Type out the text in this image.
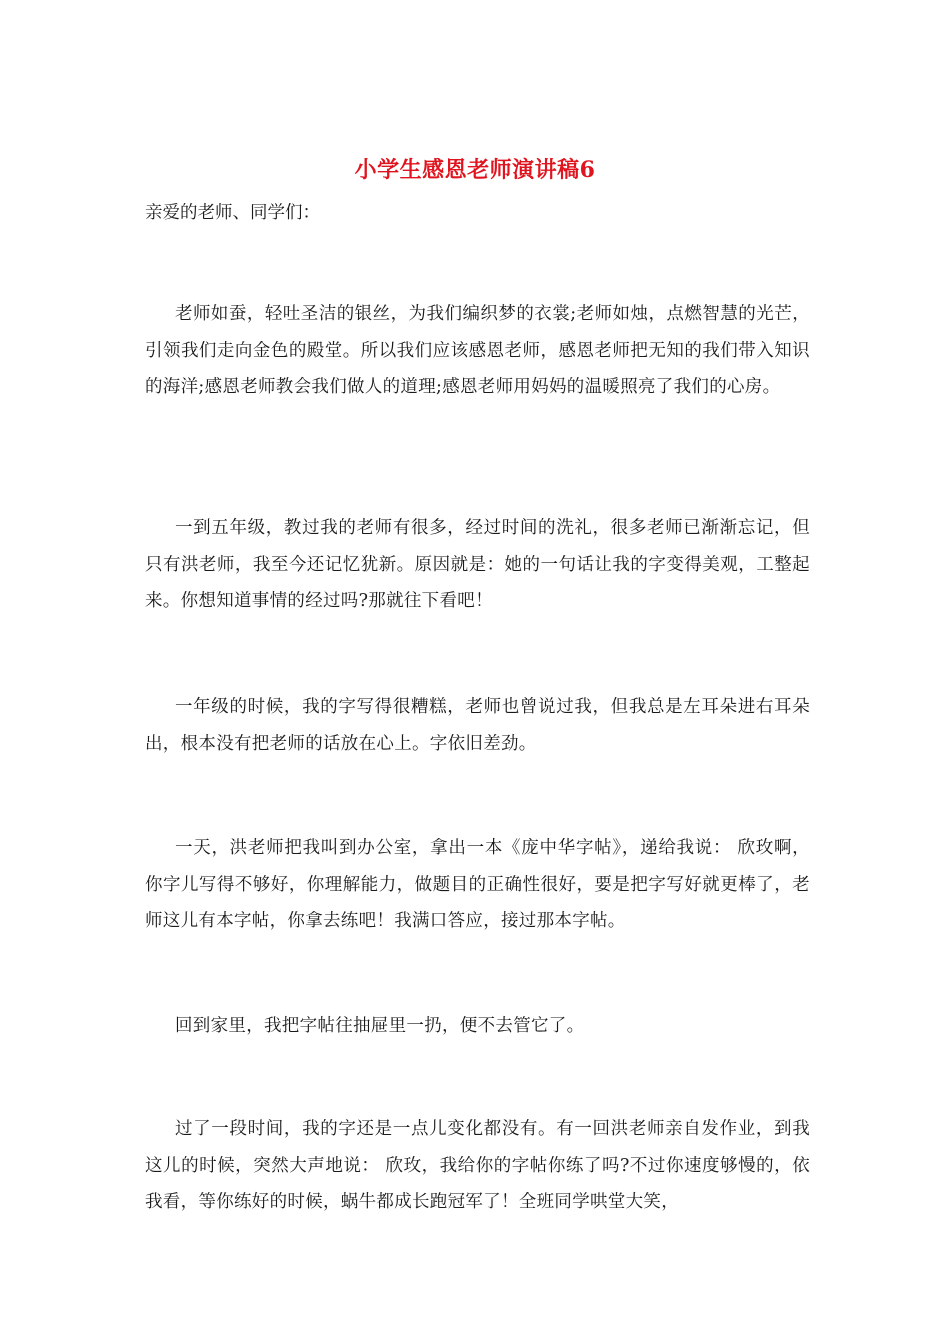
小学生感恩老师演讲稿6
亲爱的老师、同学们：
老师如蚕，轻吐圣洁的银丝，为我们编织梦的衣裳;老师如烛，点燃智慧的光芒，引领我们走向金色的殿堂。所以我们应该感恩老师，感恩老师把无知的我们带入知识的海洋;感恩老师教会我们做人的道理;感恩老师用妈妈的温暖照亮了我们的心房。
一到五年级，教过我的老师有很多，经过时间的洗礼，很多老师已渐渐忘记，但只有洪老师，我至今还记忆犹新。原因就是：她的一句话让我的字变得美观，工整起来。你想知道事情的经过吗?那就往下看吧！
一年级的时候，我的字写得很糟糕，老师也曾说过我，但我总是左耳朵进右耳朵出，根本没有把老师的话放在心上。字依旧差劲。
一天，洪老师把我叫到办公室，拿出一本《庞中华字帖》，递给我说： 欣玫啊，你字儿写得不够好，你理解能力，做题目的正确性很好，要是把字写好就更棒了，老师这儿有本字帖，你拿去练吧！我满口答应，接过那本字帖。
回到家里，我把字帖往抽屉里一扔，便不去管它了。
过了一段时间，我的字还是一点儿变化都没有。有一回洪老师亲自发作业，到我这儿的时候，突然大声地说： 欣玫，我给你的字帖你练了吗?不过你速度够慢的，依我看，等你练好的时候，蜗牛都成长跑冠军了！全班同学哄堂大笑，
